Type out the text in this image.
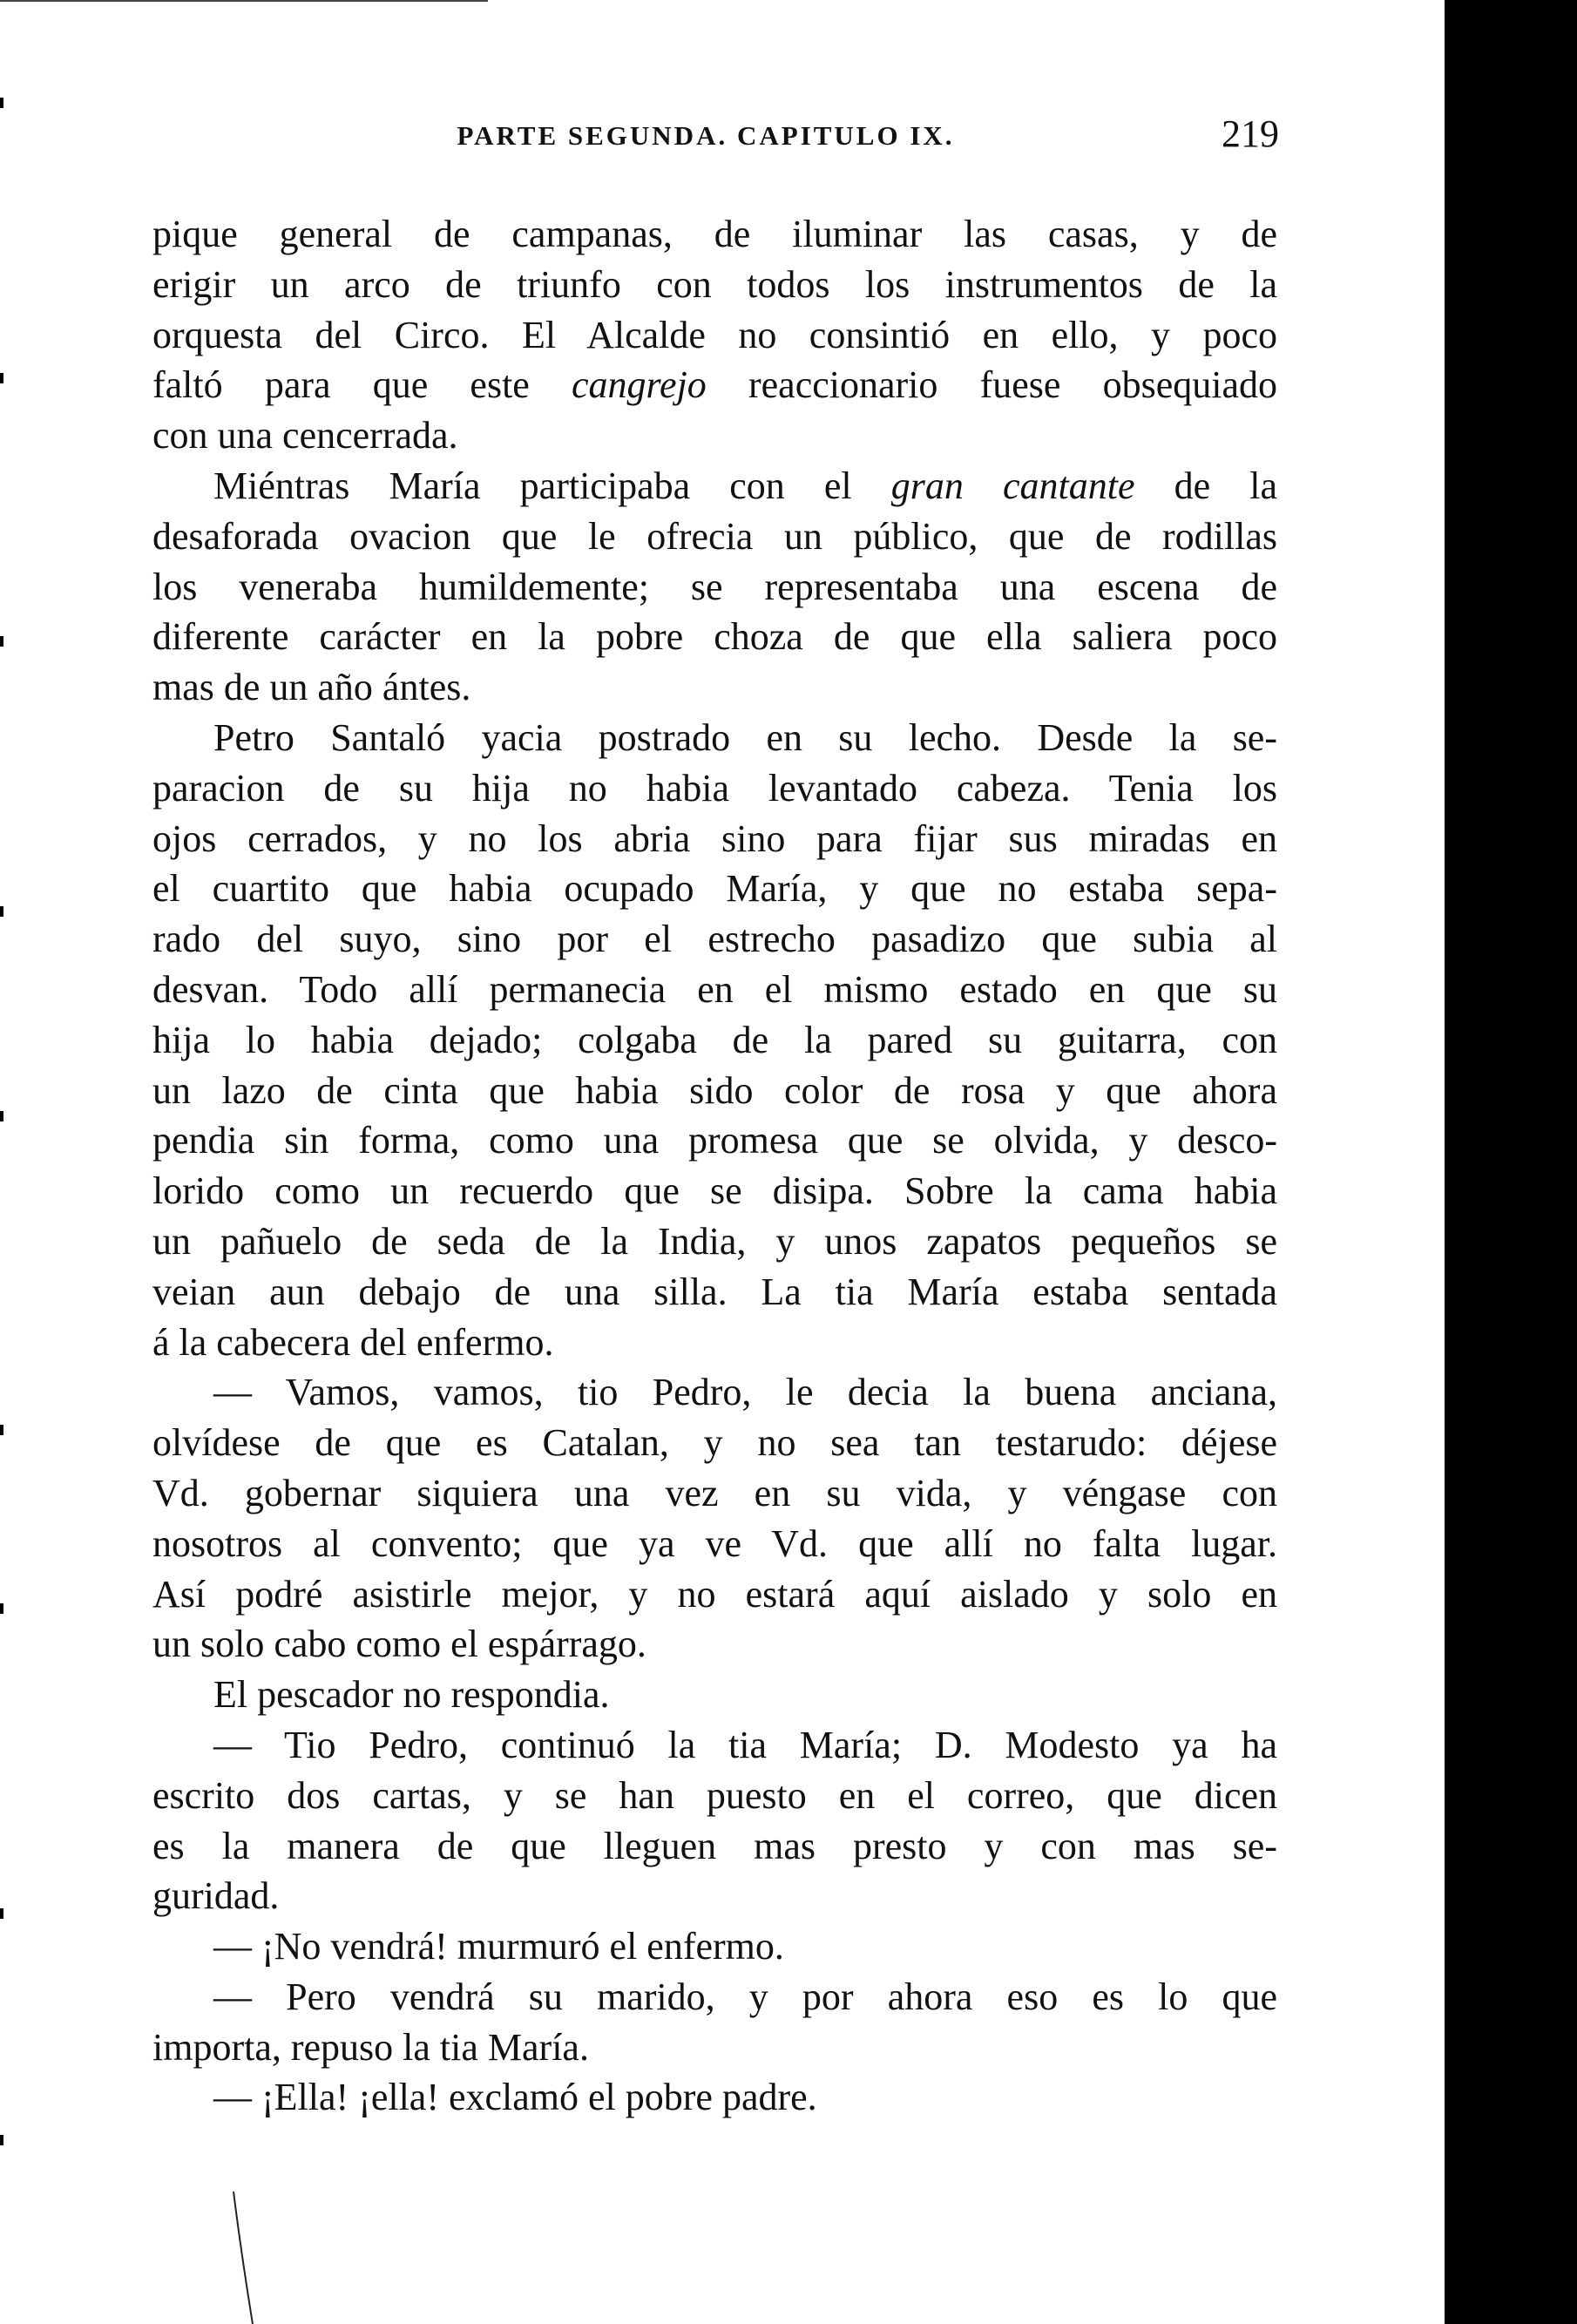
PARTE SEGUNDA. CAPITULO IX.	219
pique general de campanas, de iluminar las casas, y de
erigir un arco de triunfo con todos los instrumentos de la
orquesta del Circo. El Alcalde no consintió en ello, y poco
faltó para que este cangrejo reaccionario fuese obsequiado
con una cencerrada.
Miéntras María participaba con el gran cantante de la
desaforada ovacion que le ofrecia un público, que de rodillas
los veneraba humildemente; se representaba una escena de
diferente carácter en la pobre choza de que ella saliera poco
mas de un año ántes.
Petro Santaló yacia postrado en su lecho. Desde la se-
paracion de su hija no habia levantado cabeza. Tenia los
ojos cerrados, y no los abria sino para fijar sus miradas en
el cuartito que habia ocupado María, y que no estaba sepa-
rado del suyo, sino por el estrecho pasadizo que subia al
desvan. Todo allí permanecia en el mismo estado en que su
hija lo habia dejado; colgaba de la pared su guitarra, con
un lazo de cinta que habia sido color de rosa y que ahora
pendia sin forma, como una promesa que se olvida, y desco-
lorido como un recuerdo que se disipa. Sobre la cama habia
un pañuelo de seda de la India, y unos zapatos pequeños se
veian aun debajo de una silla. La tia María estaba sentada
á la cabecera del enfermo.
— Vamos, vamos, tio Pedro, le decia la buena anciana,
olvídese de que es Catalan, y no sea tan testarudo: déjese
Vd. gobernar siquiera una vez en su vida, y véngase con
nosotros al convento; que ya ve Vd. que allí no falta lugar.
Así podré asistirle mejor, y no estará aquí aislado y solo en
un solo cabo como el espárrago.
El pescador no respondia.
— Tio Pedro, continuó la tia María; D. Modesto ya ha
escrito dos cartas, y se han puesto en el correo, que dicen
es la manera de que lleguen mas presto y con mas se-
guridad.
— ¡No vendrá! murmuró el enfermo.
— Pero vendrá su marido, y por ahora eso es lo que
importa, repuso la tia María.
— ¡Ella! ¡ella! exclamó el pobre padre.
